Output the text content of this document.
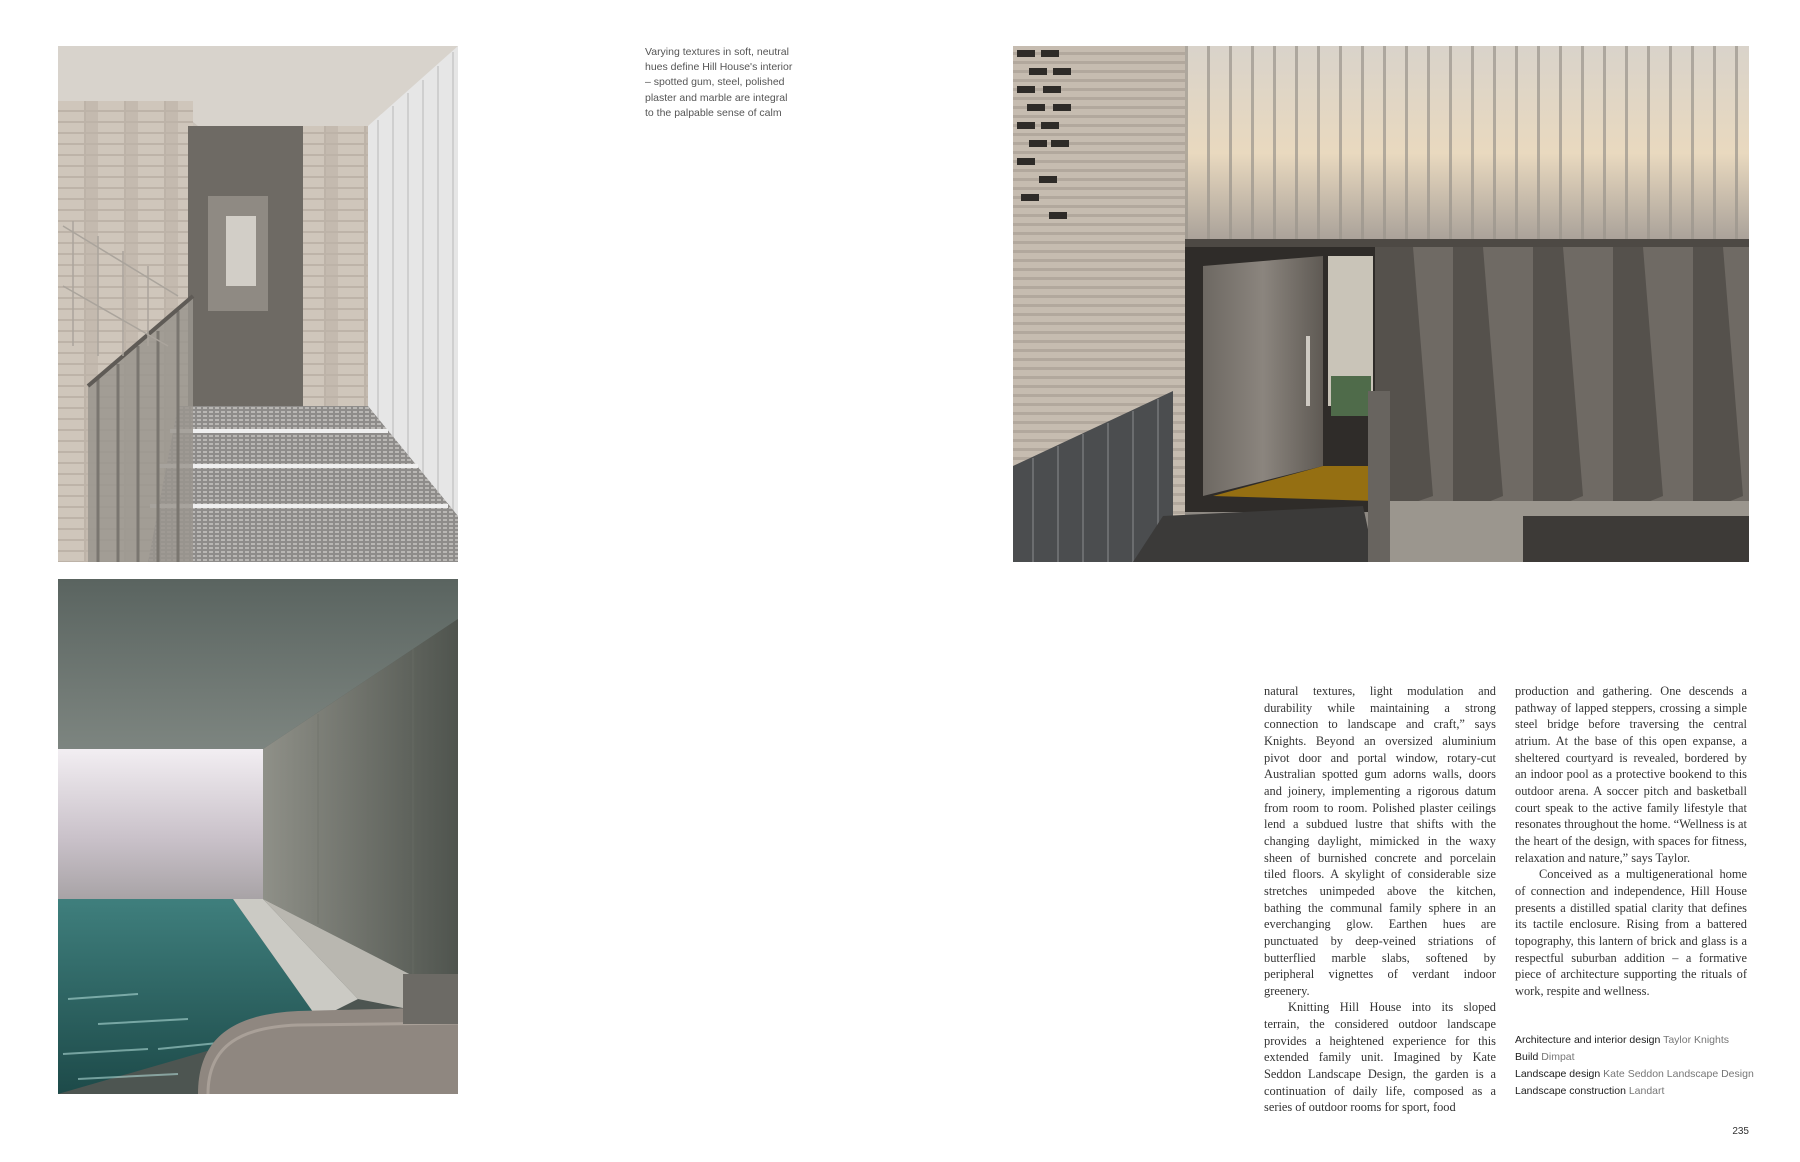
Varying textures in soft, neutral
hues define Hill House's interior
– spotted gum, steel, polished
plaster and marble are integral
to the palpable sense of calm

natural textures, light modulation and durability while maintaining a strong connection to landscape and craft,” says Knights. Beyond an oversized aluminium pivot door and portal window, rotary-cut Australian spotted gum adorns walls, doors and joinery, implementing a rigorous datum from room to room. Polished plaster ceilings lend a subdued lustre that shifts with the changing daylight, mimicked in the waxy sheen of burnished concrete and porcelain tiled floors. A skylight of considerable size stretches unimpeded above the kitchen, bathing the communal family sphere in an everchanging glow. Earthen hues are punctuated by deep-veined striations of butterflied marble slabs, softened by peripheral vignettes of verdant indoor greenery.

Knitting Hill House into its sloped terrain, the considered outdoor landscape provides a heightened experience for this extended family unit. Imagined by Kate Seddon Landscape Design, the garden is a continuation of daily life, composed as a series of outdoor rooms for sport, food

production and gathering. One descends a pathway of lapped steppers, crossing a simple steel bridge before traversing the central atrium. At the base of this open expanse, a sheltered courtyard is revealed, bordered by an indoor pool as a protective bookend to this outdoor arena. A soccer pitch and basketball court speak to the active family lifestyle that resonates throughout the home. “Wellness is at the heart of the design, with spaces for fitness, relaxation and nature,” says Taylor.

Conceived as a multigenerational home of connection and independence, Hill House presents a distilled spatial clarity that defines its tactile enclosure. Rising from a battered topography, this lantern of brick and glass is a respectful suburban addition – a formative piece of architecture supporting the rituals of work, respite and wellness.

Architecture and interior design Taylor Knights
Build Dimpat
Landscape design Kate Seddon Landscape Design
Landscape construction Landart
235
